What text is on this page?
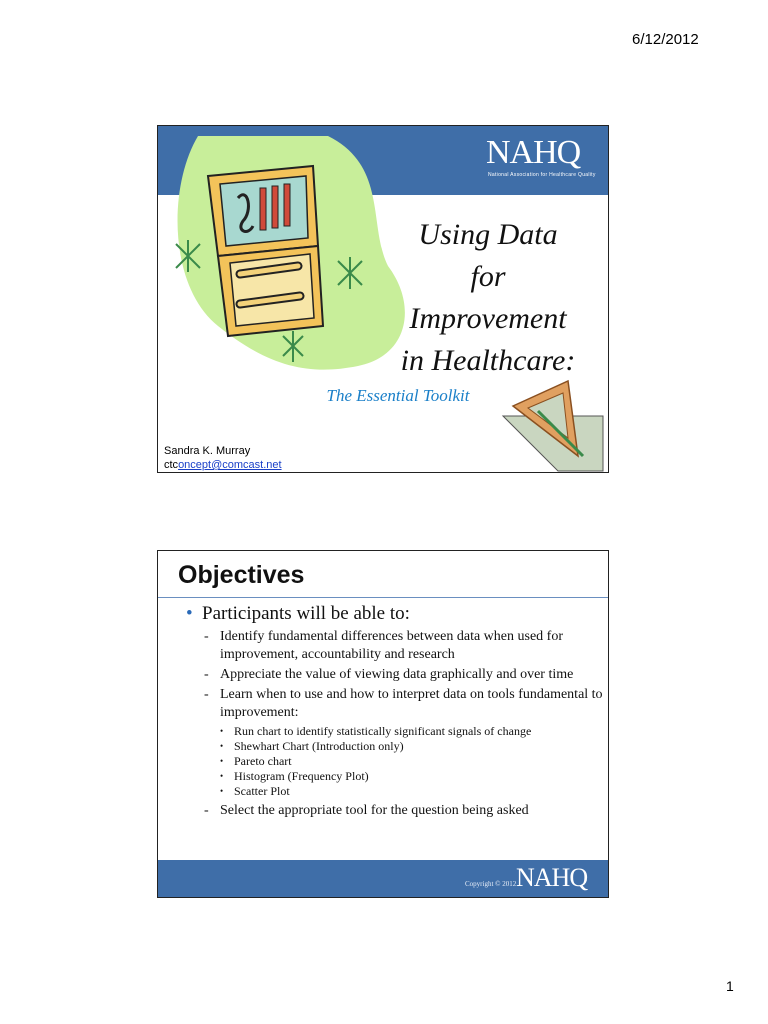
6/12/2012
NAHQ
National Association for Healthcare Quality
Using Data
for
Improvement
in Healthcare:
The Essential Toolkit
Sandra K. Murray
ctconcept@comcast.net
Objectives
• Participants will be able to:
- Identify fundamental differences between data when used for improvement, accountability and research
- Appreciate the value of viewing data graphically and over time
- Learn when to use and how to interpret data on tools fundamental to improvement:
• Run chart to identify statistically significant signals of change
• Shewhart Chart (Introduction only)
• Pareto chart
• Histogram (Frequency Plot)
• Scatter Plot
- Select the appropriate tool for the question being asked
Copyright © 2012 NAHQ
1
